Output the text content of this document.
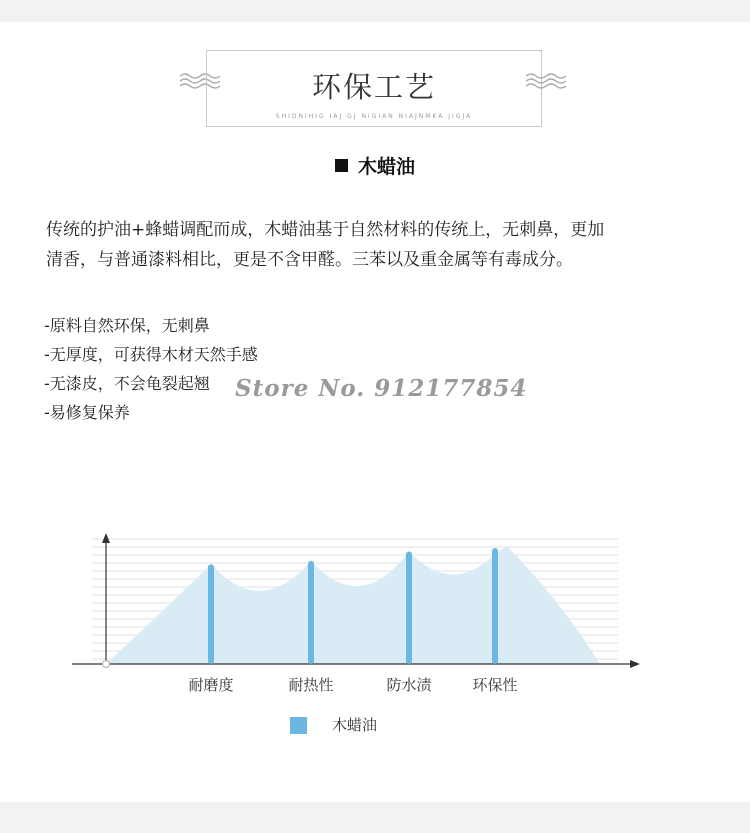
环保工艺
SHIDNIHIG IAJ GJ NIGIAN NIAJNMKA JIGJA
木蜡油
传统的护油+蜂蜡调配而成，木蜡油基于自然材料的传统上，无刺鼻，更加
清香，与普通漆料相比，更是不含甲醛。三苯以及重金属等有毒成分。
-原料自然环保，无刺鼻
-无厚度，可获得木材天然手感
-无漆皮，不会龟裂起翘
-易修复保养
Store No. 912177854
耐磨度	耐热性	防水渍	环保性
木蜡油
